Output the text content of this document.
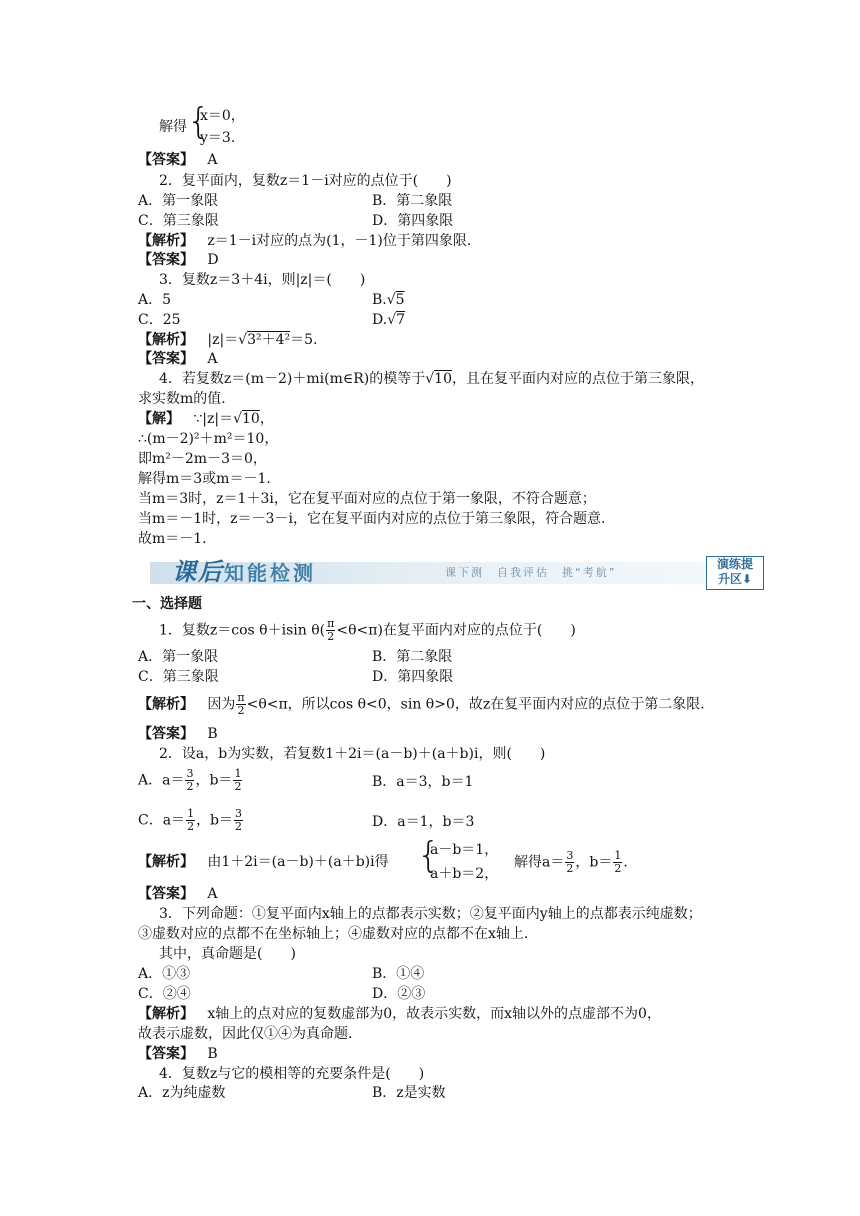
解得 {
x＝0，
y＝3.
【答案】 A
2．复平面内，复数z＝1－i对应的点位于(　　)
A．第一象限	B．第二象限
C．第三象限	D．第四象限
【解析】 z＝1－i对应的点为(1，－1)位于第四象限．
【答案】 D
3．复数z＝3＋4i，则|z|＝(　　)
A．5	B.√5
C．25	D.√7
【解析】 |z|＝√3²＋4²＝5.
【答案】 A
4．若复数z＝(m－2)＋mi(m∈R)的模等于√10，且在复平面内对应的点位于第三象限，
求实数m的值.
【解】 ∵|z|＝√10，
∴(m－2)²＋m²＝10，
即m²－2m－3＝0，
解得m＝3或m＝－1.
当m＝3时，z＝1＋3i，它在复平面对应的点位于第一象限，不符合题意；
当m＝－1时，z＝－3－i，它在复平面内对应的点位于第三象限，符合题意.
故m＝－1.
课后知能检测	课下测　自我评估　挑“考航”
演练提
升区⬇
一、选择题
1．复数z＝cos θ＋isin $\theta( \frac{\pi}{2} <\theta<\pi)$在复平面内对应的点位于(　　)
A．第一象限	B．第二象限
C．第三象限	D．第四象限
【解析】 因为 $\frac{\pi}{2} <\theta<\pi$，所以cos θ<0，sin θ>0，故z在复平面内对应的点位于第二象限．
【答案】 B
2．设a，b为实数，若复数1＋2i＝(a－b)＋(a＋b)i，则(　　)
A．$a= \frac{3}{2}$ ，$b= \frac{1}{2}$	B．a＝3，b＝1
C．$a= \frac{1}{2}$ ，$b= \frac{3}{2}$	D．a＝1，b＝3
【解析】 由1＋2i＝(a－b)＋(a＋b)i得 {
a－b＝1，
a＋b＝2，
解得$a= \frac{3}{2}$ ，$b= \frac{1}{2}$ .
【答案】 A
3．下列命题：①复平面内x轴上的点都表示实数；②复平面内y轴上的点都表示纯虚数；
③虚数对应的点都不在坐标轴上；④虚数对应的点都不在x轴上．
其中，真命题是(　　)
A．①③	B．①④
C．②④	D．②③
【解析】 x轴上的点对应的复数虚部为0，故表示实数，而x轴以外的点虚部不为0，
故表示虚数，因此仅①④为真命题．
【答案】 B
4．复数z与它的模相等的充要条件是(　　)
A．z为纯虚数	B．z是实数
